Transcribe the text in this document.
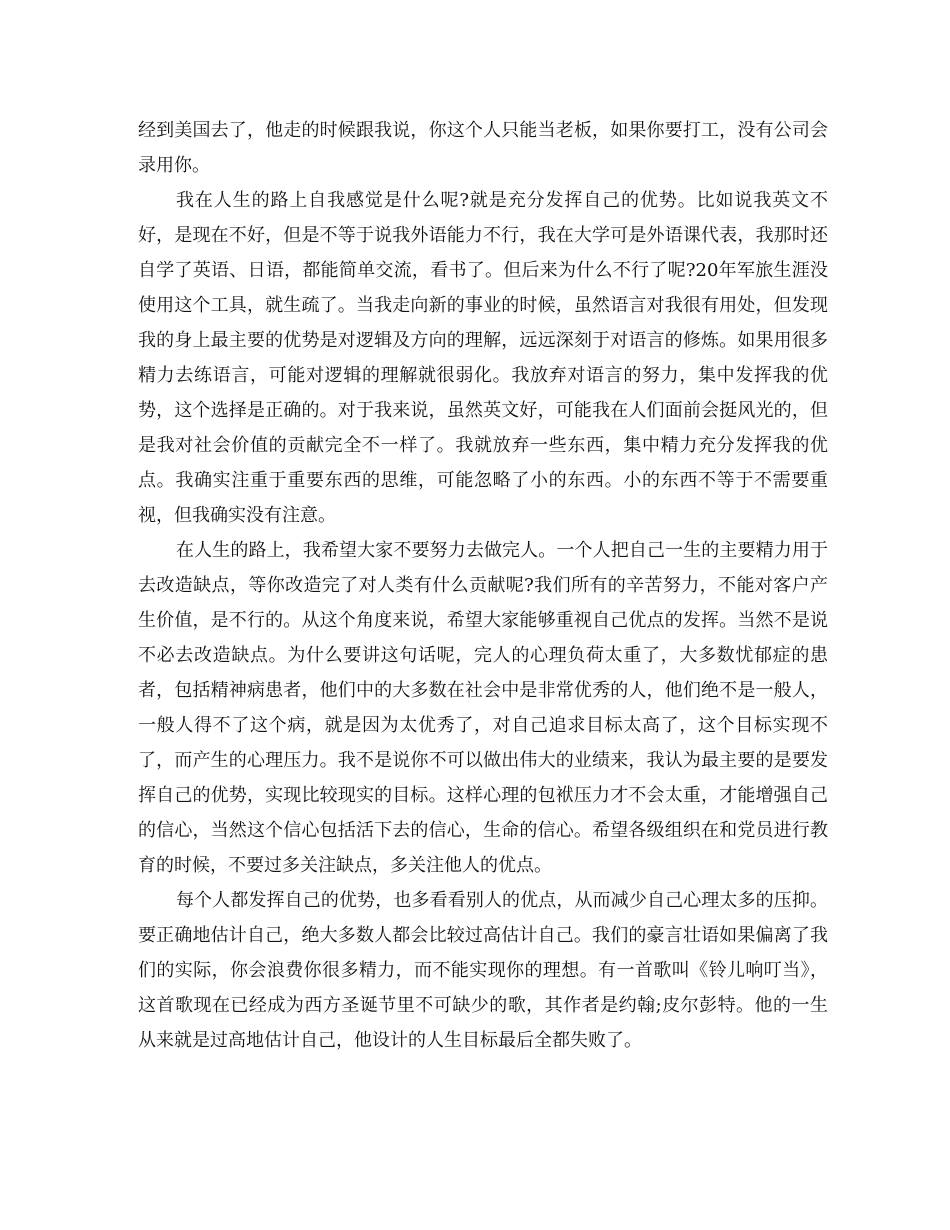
经到美国去了，他走的时候跟我说，你这个人只能当老板，如果你要打工，没有公司会录用你。

我在人生的路上自我感觉是什么呢?就是充分发挥自己的优势。比如说我英文不好，是现在不好，但是不等于说我外语能力不行，我在大学可是外语课代表，我那时还自学了英语、日语，都能简单交流，看书了。但后来为什么不行了呢?20年军旅生涯没使用这个工具，就生疏了。当我走向新的事业的时候，虽然语言对我很有用处，但发现我的身上最主要的优势是对逻辑及方向的理解，远远深刻于对语言的修炼。如果用很多精力去练语言，可能对逻辑的理解就很弱化。我放弃对语言的努力，集中发挥我的优势，这个选择是正确的。对于我来说，虽然英文好，可能我在人们面前会挺风光的，但是我对社会价值的贡献完全不一样了。我就放弃一些东西，集中精力充分发挥我的优点。我确实注重于重要东西的思维，可能忽略了小的东西。小的东西不等于不需要重视，但我确实没有注意。

在人生的路上，我希望大家不要努力去做完人。一个人把自己一生的主要精力用于去改造缺点，等你改造完了对人类有什么贡献呢?我们所有的辛苦努力，不能对客户产生价值，是不行的。从这个角度来说，希望大家能够重视自己优点的发挥。当然不是说不必去改造缺点。为什么要讲这句话呢，完人的心理负荷太重了，大多数忧郁症的患者，包括精神病患者，他们中的大多数在社会中是非常优秀的人，他们绝不是一般人，一般人得不了这个病，就是因为太优秀了，对自己追求目标太高了，这个目标实现不了，而产生的心理压力。我不是说你不可以做出伟大的业绩来，我认为最主要的是要发挥自己的优势，实现比较现实的目标。这样心理的包袱压力才不会太重，才能增强自己的信心，当然这个信心包括活下去的信心，生命的信心。希望各级组织在和党员进行教育的时候，不要过多关注缺点，多关注他人的优点。

每个人都发挥自己的优势，也多看看别人的优点，从而减少自己心理太多的压抑。要正确地估计自己，绝大多数人都会比较过高估计自己。我们的豪言壮语如果偏离了我们的实际，你会浪费你很多精力，而不能实现你的理想。有一首歌叫《铃儿响叮当》，这首歌现在已经成为西方圣诞节里不可缺少的歌，其作者是约翰;皮尔彭特。他的一生从来就是过高地估计自己，他设计的人生目标最后全都失败了。
